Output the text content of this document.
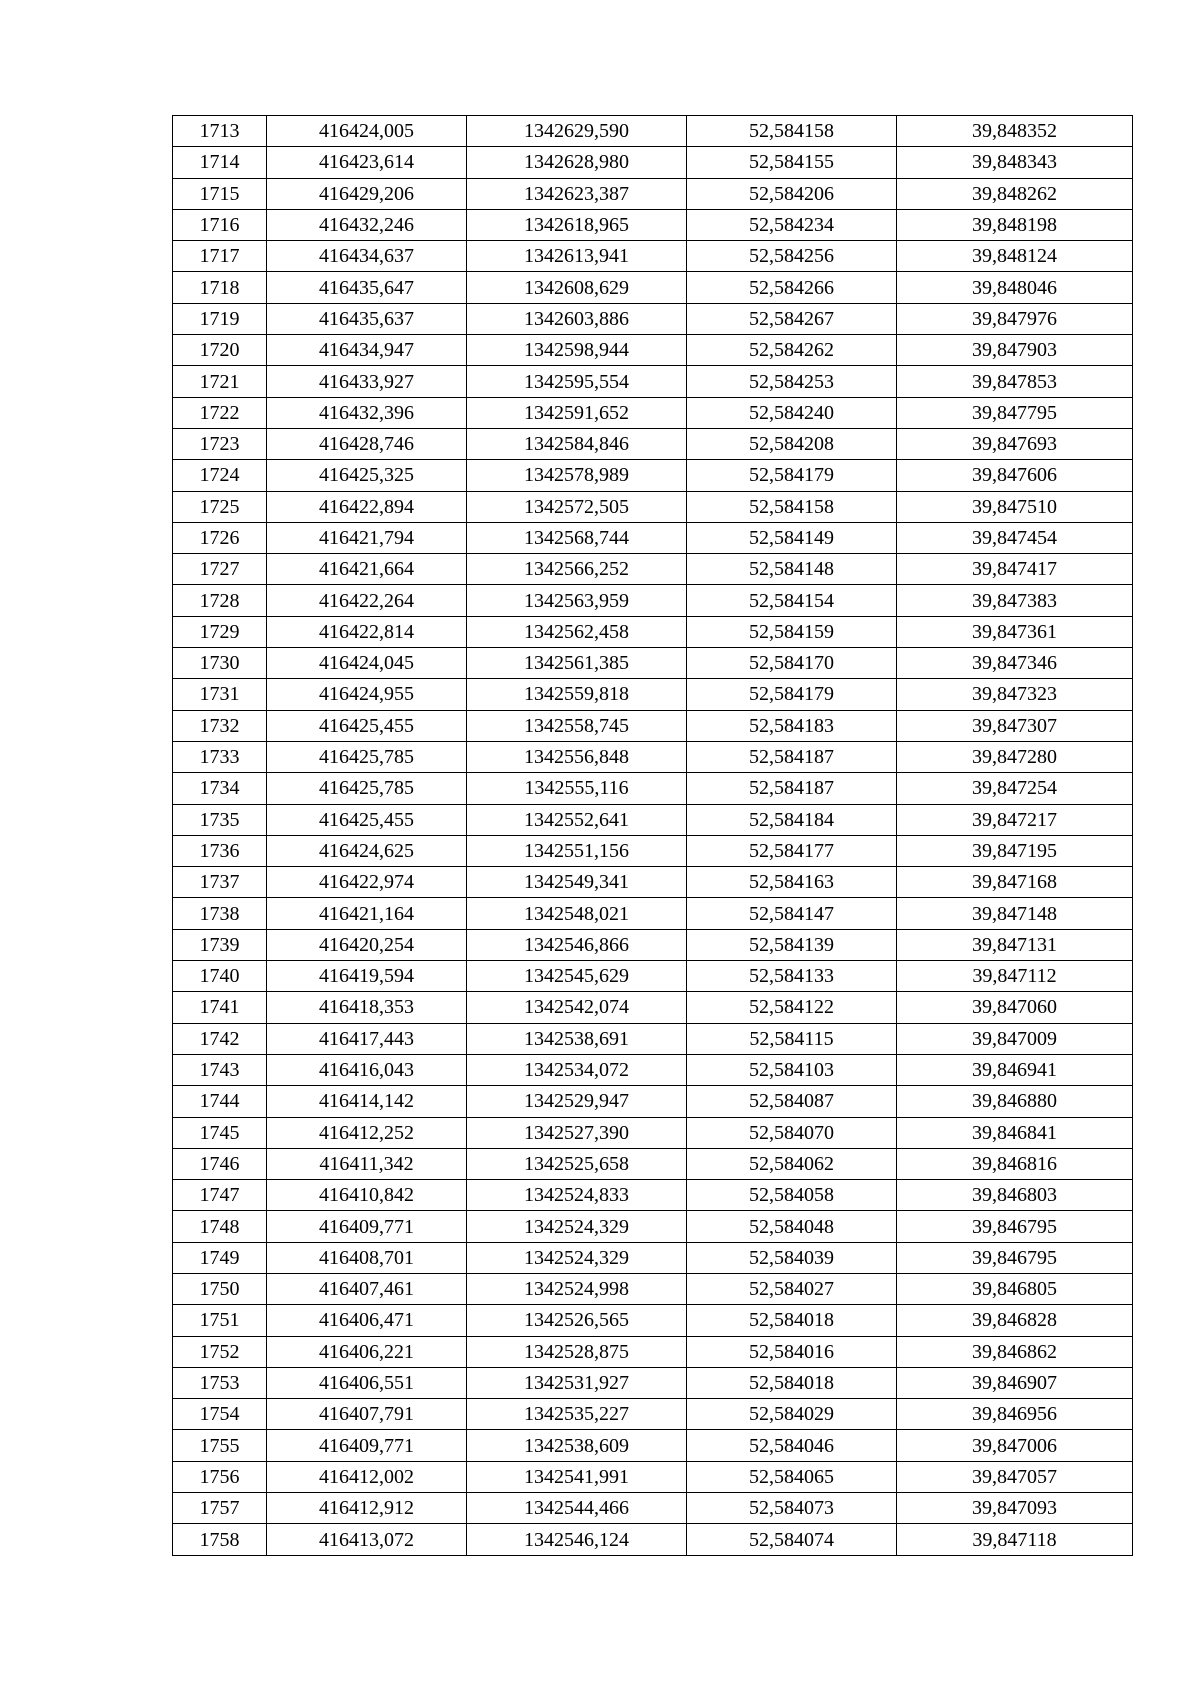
1713	416424,005	1342629,590	52,584158	39,848352
1714	416423,614	1342628,980	52,584155	39,848343
1715	416429,206	1342623,387	52,584206	39,848262
1716	416432,246	1342618,965	52,584234	39,848198
1717	416434,637	1342613,941	52,584256	39,848124
1718	416435,647	1342608,629	52,584266	39,848046
1719	416435,637	1342603,886	52,584267	39,847976
1720	416434,947	1342598,944	52,584262	39,847903
1721	416433,927	1342595,554	52,584253	39,847853
1722	416432,396	1342591,652	52,584240	39,847795
1723	416428,746	1342584,846	52,584208	39,847693
1724	416425,325	1342578,989	52,584179	39,847606
1725	416422,894	1342572,505	52,584158	39,847510
1726	416421,794	1342568,744	52,584149	39,847454
1727	416421,664	1342566,252	52,584148	39,847417
1728	416422,264	1342563,959	52,584154	39,847383
1729	416422,814	1342562,458	52,584159	39,847361
1730	416424,045	1342561,385	52,584170	39,847346
1731	416424,955	1342559,818	52,584179	39,847323
1732	416425,455	1342558,745	52,584183	39,847307
1733	416425,785	1342556,848	52,584187	39,847280
1734	416425,785	1342555,116	52,584187	39,847254
1735	416425,455	1342552,641	52,584184	39,847217
1736	416424,625	1342551,156	52,584177	39,847195
1737	416422,974	1342549,341	52,584163	39,847168
1738	416421,164	1342548,021	52,584147	39,847148
1739	416420,254	1342546,866	52,584139	39,847131
1740	416419,594	1342545,629	52,584133	39,847112
1741	416418,353	1342542,074	52,584122	39,847060
1742	416417,443	1342538,691	52,584115	39,847009
1743	416416,043	1342534,072	52,584103	39,846941
1744	416414,142	1342529,947	52,584087	39,846880
1745	416412,252	1342527,390	52,584070	39,846841
1746	416411,342	1342525,658	52,584062	39,846816
1747	416410,842	1342524,833	52,584058	39,846803
1748	416409,771	1342524,329	52,584048	39,846795
1749	416408,701	1342524,329	52,584039	39,846795
1750	416407,461	1342524,998	52,584027	39,846805
1751	416406,471	1342526,565	52,584018	39,846828
1752	416406,221	1342528,875	52,584016	39,846862
1753	416406,551	1342531,927	52,584018	39,846907
1754	416407,791	1342535,227	52,584029	39,846956
1755	416409,771	1342538,609	52,584046	39,847006
1756	416412,002	1342541,991	52,584065	39,847057
1757	416412,912	1342544,466	52,584073	39,847093
1758	416413,072	1342546,124	52,584074	39,847118
